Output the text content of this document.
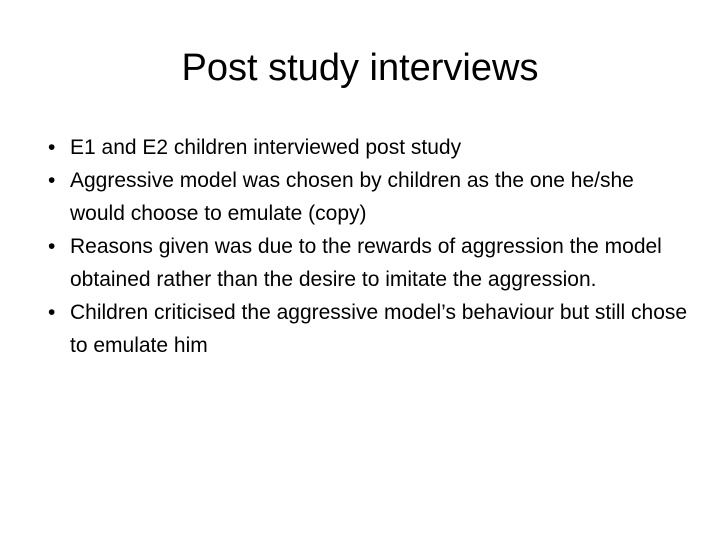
Post study interviews
• E1 and E2 children interviewed post study
• Aggressive model was chosen by children as the one he/she would choose to emulate (copy)
• Reasons given was due to the rewards of aggression the model obtained rather than the desire to imitate the aggression.
• Children criticised the aggressive model’s behaviour but still chose to emulate him
